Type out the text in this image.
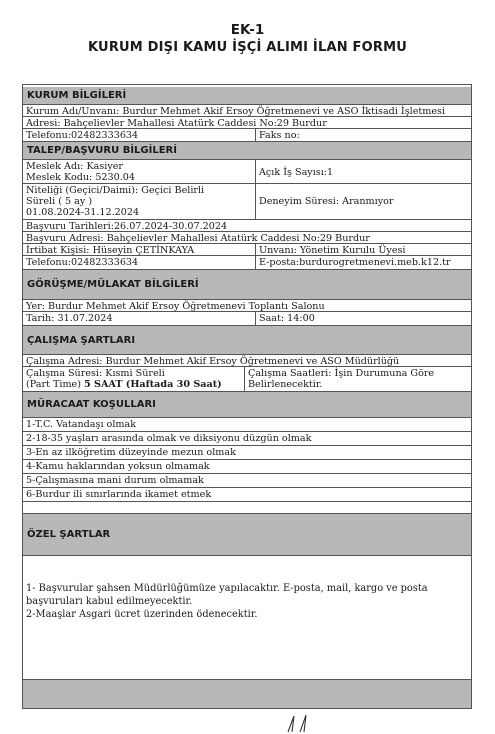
EK-1
KURUM DIŞI KAMU İŞÇİ ALIMI İLAN FORMU
KURUM BİLGİLERİ
Kurum Adı/Unvanı: Burdur Mehmet Akif Ersoy Öğretmenevi ve ASO İktisadi İşletmesi
Adresi: Bahçelievler Mahallesi Atatürk Caddesi No:29 Burdur
Telefonu:02482333634	Faks no:
TALEP/BAŞVURU BİLGİLERİ
Meslek Adı: Kasiyer
Meslek Kodu: 5230.04	Açık İş Sayısı:1
Niteliği (Geçici/Daimi): Geçici Belirli
Süreli ( 5 ay )
01.08.2024-31.12.2024
Deneyim Süresi: Aranmıyor
Başvuru Tarihleri:26.07.2024-30.07.2024
Başvuru Adresi: Bahçelievler Mahallesi Atatürk Caddesi No:29 Burdur
İrtibat Kişisi: Hüseyin ÇETİNKAYA	Unvanı: Yönetim Kurulu Üyesi
Telefonu:02482333634	E-posta:burdurogretmenevi.meb.k12.tr
GÖRÜŞME/MÜLAKAT BİLGİLERİ
Yer: Burdur Mehmet Akif Ersoy Öğretmenevi Toplantı Salonu
Tarih: 31.07.2024	Saat: 14:00
ÇALIŞMA ŞARTLARI
Çalışma Adresi: Burdur Mehmet Akif Ersoy Öğretmenevi ve ASO Müdürlüğü
Çalışma Süresi: Kısmi Süreli
(Part Time) 5 SAAT (Haftada 30 Saat)
Çalışma Saatleri: İşin Durumuna Göre
Belirlenecektir.
MÜRACAAT KOŞULLARI
1-T.C. Vatandaşı olmak
2-18-35 yaşları arasında olmak ve diksiyonu düzgün olmak
3-En az ilköğretim düzeyinde mezun olmak
4-Kamu haklarından yoksun olmamak
5-Çalışmasına mani durum olmamak
6-Burdur ili sınırlarında ikamet etmek
ÖZEL ŞARTLAR
1- Başvurular şahsen Müdürlüğümüze yapılacaktır. E-posta, mail, kargo ve posta
başvuruları kabul edilmeyecektir.
2-Maaşlar Asgari ücret üzerinden ödenecektir.
